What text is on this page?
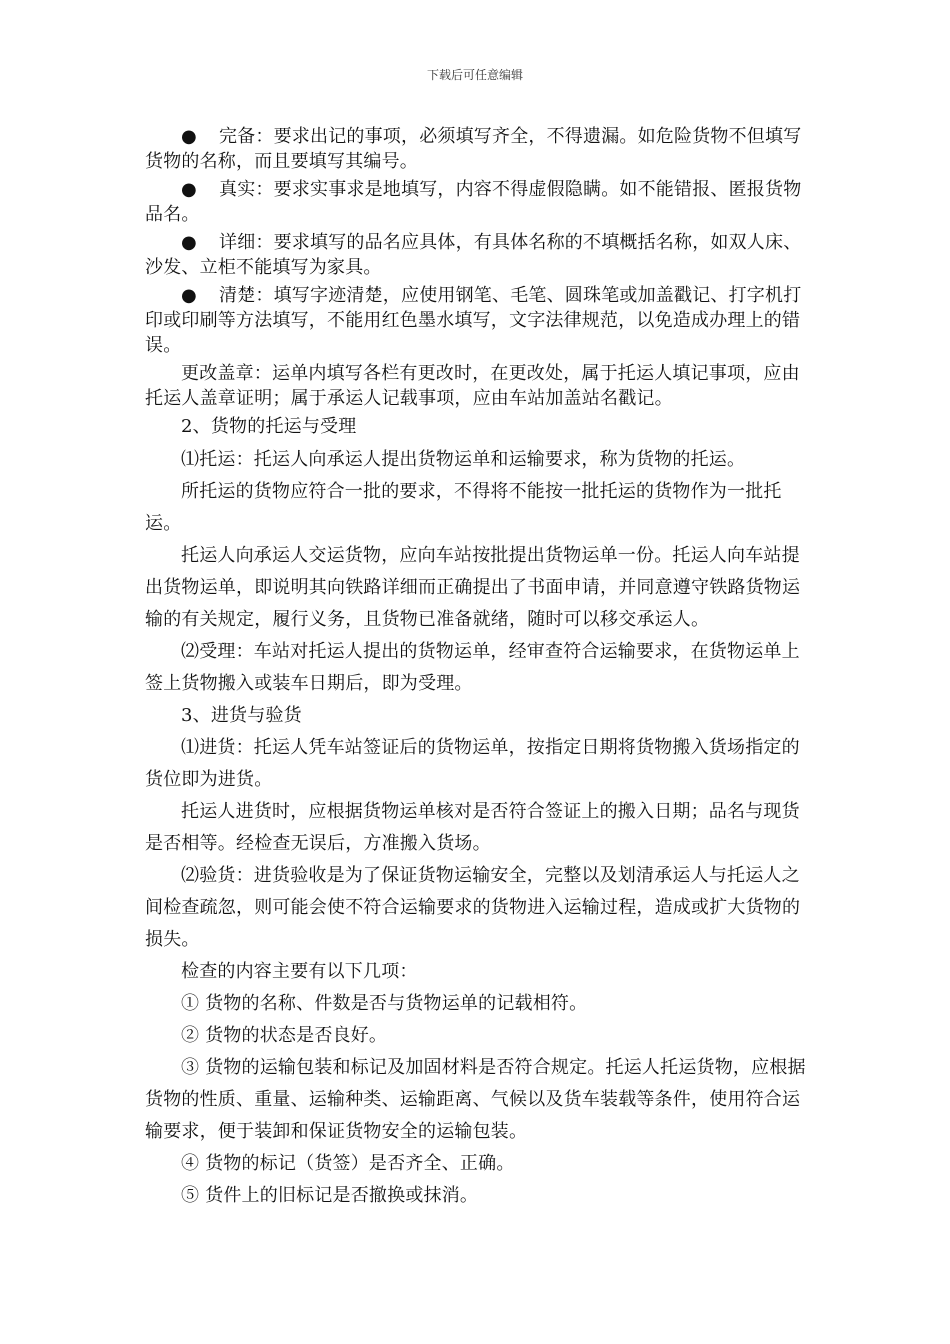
下载后可任意编辑
● 完备：要求出记的事项，必须填写齐全，不得遗漏。如危险货物不但填写货物的名称，而且要填写其编号。
● 真实：要求实事求是地填写，内容不得虚假隐瞒。如不能错报、匿报货物品名。
● 详细：要求填写的品名应具体，有具体名称的不填概括名称，如双人床、沙发、立柜不能填写为家具。
● 清楚：填写字迹清楚，应使用钢笔、毛笔、圆珠笔或加盖戳记、打字机打印或印刷等方法填写，不能用红色墨水填写，文字法律规范，以免造成办理上的错误。

更改盖章：运单内填写各栏有更改时，在更改处，属于托运人填记事项，应由托运人盖章证明；属于承运人记载事项，应由车站加盖站名戳记。

2、货物的托运与受理

⑴托运：托运人向承运人提出货物运单和运输要求，称为货物的托运。

所托运的货物应符合一批的要求，不得将不能按一批托运的货物作为一批托运。

托运人向承运人交运货物，应向车站按批提出货物运单一份。托运人向车站提出货物运单，即说明其向铁路详细而正确提出了书面申请，并同意遵守铁路货物运输的有关规定，履行义务，且货物已准备就绪，随时可以移交承运人。

⑵受理：车站对托运人提出的货物运单，经审查符合运输要求，在货物运单上签上货物搬入或装车日期后，即为受理。

3、进货与验货

⑴进货：托运人凭车站签证后的货物运单，按指定日期将货物搬入货场指定的货位即为进货。

托运人进货时，应根据货物运单核对是否符合签证上的搬入日期；品名与现货是否相等。经检查无误后，方准搬入货场。

⑵验货：进货验收是为了保证货物运输安全，完整以及划清承运人与托运人之间检查疏忽，则可能会使不符合运输要求的货物进入运输过程，造成或扩大货物的损失。

检查的内容主要有以下几项：

① 货物的名称、件数是否与货物运单的记载相符。

② 货物的状态是否良好。

③ 货物的运输包装和标记及加固材料是否符合规定。托运人托运货物，应根据货物的性质、重量、运输种类、运输距离、气候以及货车装载等条件，使用符合运输要求，便于装卸和保证货物安全的运输包装。

④ 货物的标记（货签）是否齐全、正确。

⑤ 货件上的旧标记是否撤换或抹消。
